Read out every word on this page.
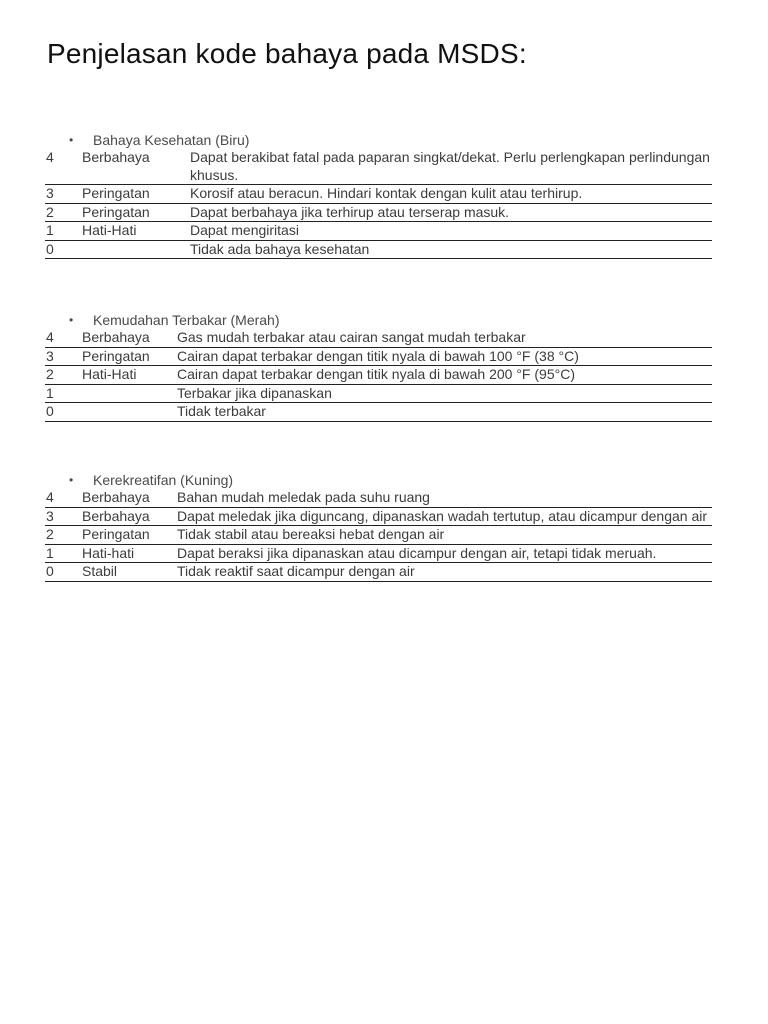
Penjelasan kode bahaya pada MSDS:
• Bahaya Kesehatan (Biru)
4	Berbahaya	Dapat berakibat fatal pada paparan singkat/dekat. Perlu perlengkapan perlindungan khusus.
3	Peringatan	Korosif atau beracun. Hindari kontak dengan kulit atau terhirup.
2	Peringatan	Dapat berbahaya jika terhirup atau terserap masuk.
1	Hati-Hati	Dapat mengiritasi
0		Tidak ada bahaya kesehatan
• Kemudahan Terbakar (Merah)
4	Berbahaya	Gas mudah terbakar atau cairan sangat mudah terbakar
3	Peringatan	Cairan dapat terbakar dengan titik nyala di bawah 100 °F (38 °C)
2	Hati-Hati	Cairan dapat terbakar dengan titik nyala di bawah 200 °F (95°C)
1		Terbakar jika dipanaskan
0		Tidak terbakar
• Kerekreatifan (Kuning)
4	Berbahaya	Bahan mudah meledak pada suhu ruang
3	Berbahaya	Dapat meledak jika diguncang, dipanaskan wadah tertutup, atau dicampur dengan air
2	Peringatan	Tidak stabil atau bereaksi hebat dengan air
1	Hati-hati	Dapat beraksi jika dipanaskan atau dicampur dengan air, tetapi tidak meruah.
0	Stabil	Tidak reaktif saat dicampur dengan air
